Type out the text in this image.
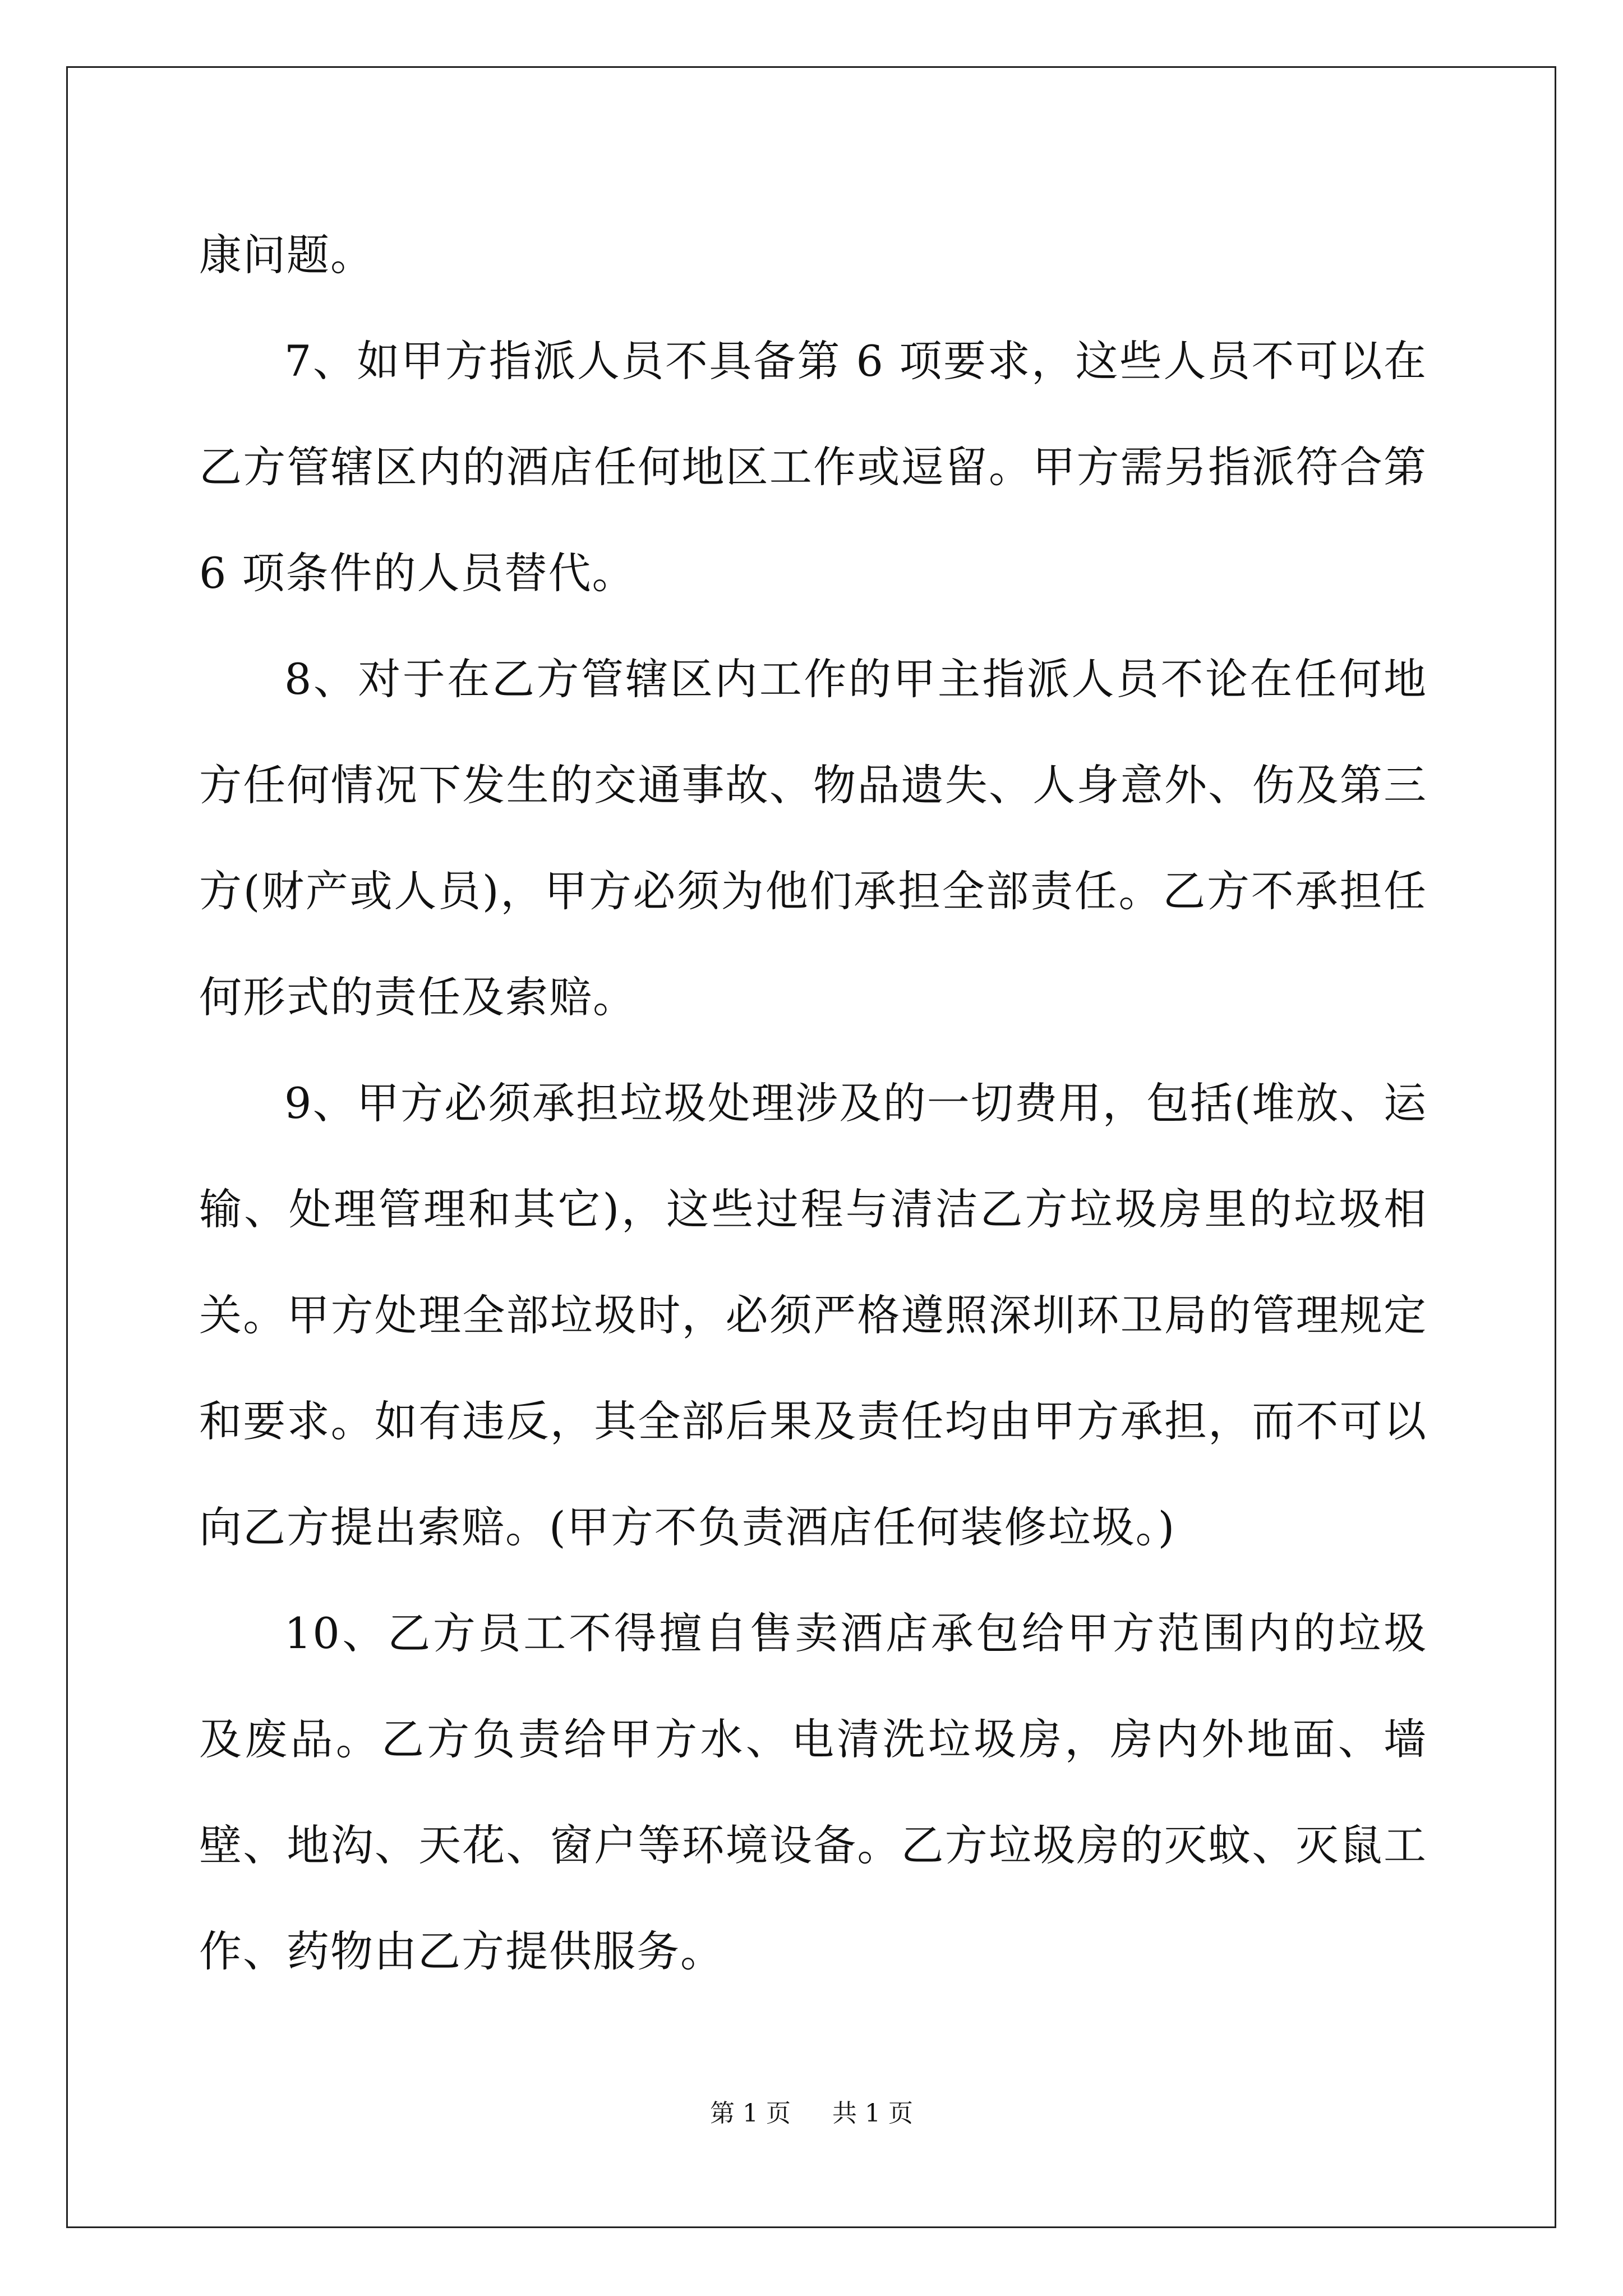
康问题。

7、如甲方指派人员不具备第 6 项要求，这些人员不可以在乙方管辖区内的酒店任何地区工作或逗留。甲方需另指派符合第 6 项条件的人员替代。

8、对于在乙方管辖区内工作的甲主指派人员不论在任何地方任何情况下发生的交通事故、物品遗失、人身意外、伤及第三方(财产或人员)，甲方必须为他们承担全部责任。乙方不承担任何形式的责任及索赔。

9、甲方必须承担垃圾处理涉及的一切费用，包括(堆放、运输、处理管理和其它)，这些过程与清洁乙方垃圾房里的垃圾相关。甲方处理全部垃圾时，必须严格遵照深圳环卫局的管理规定和要求。如有违反，其全部后果及责任均由甲方承担，而不可以向乙方提出索赔。(甲方不负责酒店任何装修垃圾。)

10、乙方员工不得擅自售卖酒店承包给甲方范围内的垃圾及废品。乙方负责给甲方水、电清洗垃圾房，房内外地面、墙壁、地沟、天花、窗户等环境设备。乙方垃圾房的灭蚊、灭鼠工作、药物由乙方提供服务。

第 1 页 共 1 页
